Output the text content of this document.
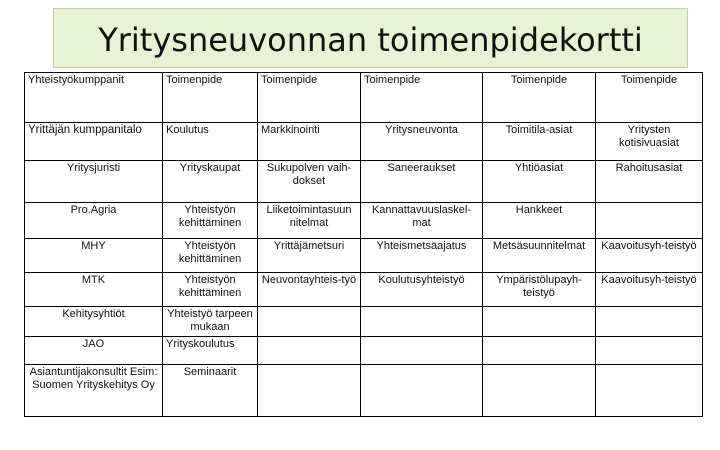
Yritysneuvonnan toimenpidekortti
Yhteistyökumppanit	Toimenpide	Toimenpide	Toimenpide	Toimenpide	Toimenpide
Yrittäjän kumppanitalo	Koulutus	Markkinointi	Yritysneuvonta	Toimitila-asiat	Yritysten kotisivuasiat
Yritysjuristi	Yrityskaupat	Sukupolven vaih-dokset	Saneeraukset	Yhtiöasiat	Rahoitusasiat
Pro.Agria	Yhteistyön kehittäminen	Liiketoimintasuun nitelmat	Kannattavuuslaskel-mat	Hankkeet	
MHY	Yhteistyön kehittäminen	Yrittäjämetsuri	Yhteismetsäajatus	Metsäsuunnitelmat	Kaavoitusyh-teistyö
MTK	Yhteistyön kehittäminen	Neuvontayhteis-työ	Koulutusyhteistyö	Ympäristölupayh-teistyö	Kaavoitusyh-teistyö
Kehitysyhtiöt	Yhteistyö tarpeen mukaan				
JAO	Yrityskoulutus				
Asiantuntijakonsultit Esim: Suomen Yrityskehitys Oy	Seminaarit				
